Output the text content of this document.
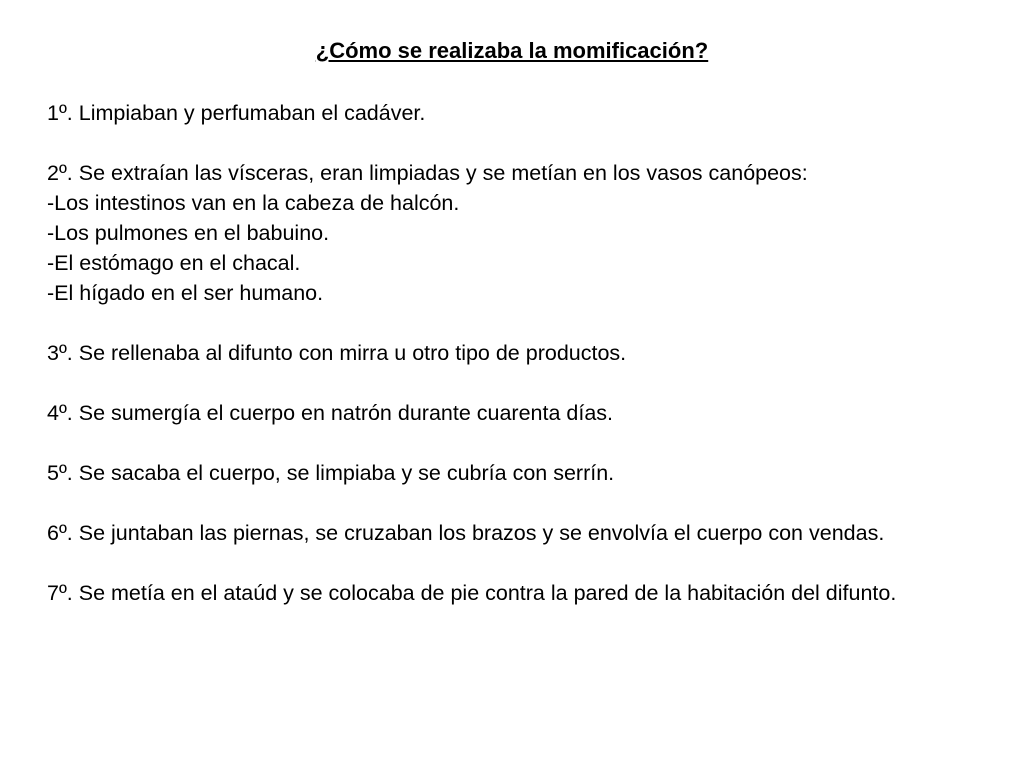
¿Cómo se realizaba la momificación?

1º. Limpiaban y perfumaban el cadáver.

2º. Se extraían las vísceras, eran limpiadas y se metían en los vasos canópeos:
-Los intestinos van en la cabeza de halcón.
-Los pulmones en el babuino.
-El estómago en el chacal.
-El hígado en el ser humano.

3º. Se rellenaba al difunto con mirra u otro tipo de productos.

4º. Se sumergía el cuerpo en natrón durante cuarenta días.

5º. Se sacaba el cuerpo, se limpiaba y se cubría con serrín.

6º. Se juntaban las piernas, se cruzaban los brazos y se envolvía el cuerpo con vendas.

7º. Se metía en el ataúd y se colocaba de pie contra la pared de la habitación del difunto.
